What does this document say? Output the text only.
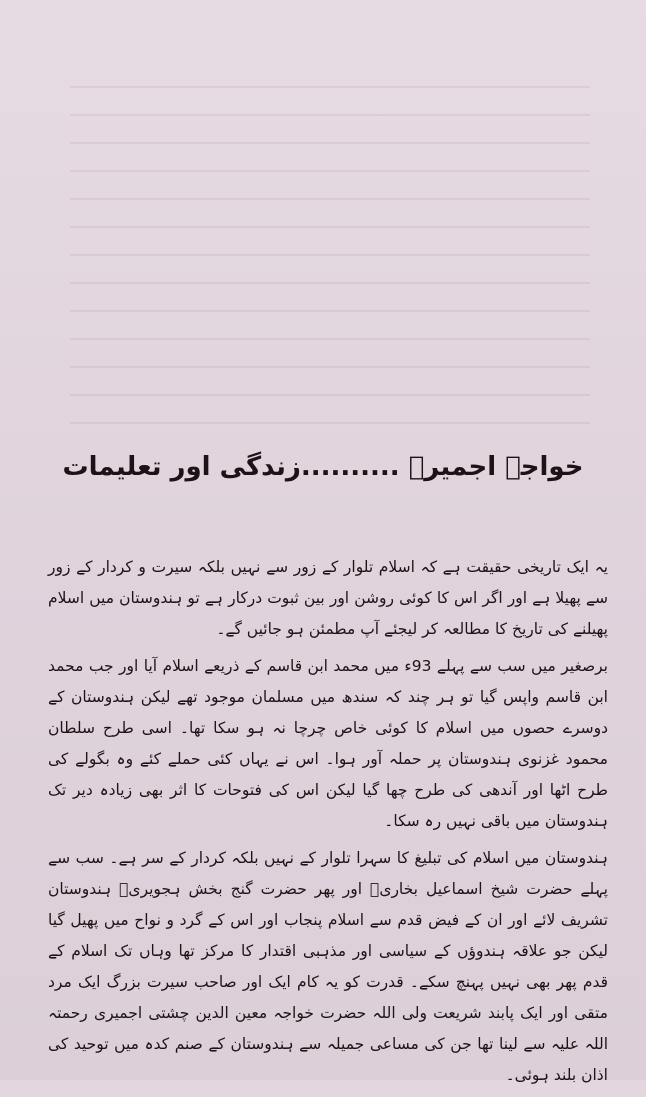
خواجۂ اجمیرؒ ..........زندگی اور تعلیمات

یہ ایک تاریخی حقیقت ہے کہ اسلام تلوار کے زور سے نہیں بلکہ سیرت و کردار کے زور سے پھیلا ہے اور اگر اس کا کوئی روشن اور بین ثبوت درکار ہے تو ہندوستان میں اسلام پھیلنے کی تاریخ کا مطالعہ کر لیجئے آپ مطمئن ہو جائیں گے۔

برصغیر میں سب سے پہلے 93ء میں محمد ابن قاسم کے ذریعے اسلام آیا اور جب محمد ابن قاسم واپس گیا تو ہر چند کہ سندھ میں مسلمان موجود تھے لیکن ہندوستان کے دوسرے حصوں میں اسلام کا کوئی خاص چرچا نہ ہو سکا تھا۔ اسی طرح سلطان محمود غزنوی ہندوستان پر حملہ آور ہوا۔ اس نے یہاں کئی حملے کئے وہ بگولے کی طرح اٹھا اور آندھی کی طرح چھا گیا لیکن اس کی فتوحات کا اثر بھی زیادہ دیر تک ہندوستان میں باقی نہیں رہ سکا۔

ہندوستان میں اسلام کی تبلیغ کا سہرا تلوار کے نہیں بلکہ کردار کے سر ہے۔ سب سے پہلے حضرت شیخ اسماعیل بخاریؒ اور پھر حضرت گنج بخش ہجویریؒ ہندوستان تشریف لائے اور ان کے فیض قدم سے اسلام پنجاب اور اس کے گرد و نواح میں پھیل گیا لیکن جو علاقہ ہندوؤں کے سیاسی اور مذہبی اقتدار کا مرکز تھا وہاں تک اسلام کے قدم پھر بھی نہیں پہنچ سکے۔ قدرت کو یہ کام ایک اور صاحب سیرت بزرگ ایک مرد متقی اور ایک پابند شریعت ولی اللہ حضرت خواجہ معین الدین چشتی اجمیری رحمتہ اللہ علیہ سے لینا تھا جن کی مساعی جمیلہ سے ہندوستان کے صنم کدہ میں توحید کی اذان بلند ہوئی۔
